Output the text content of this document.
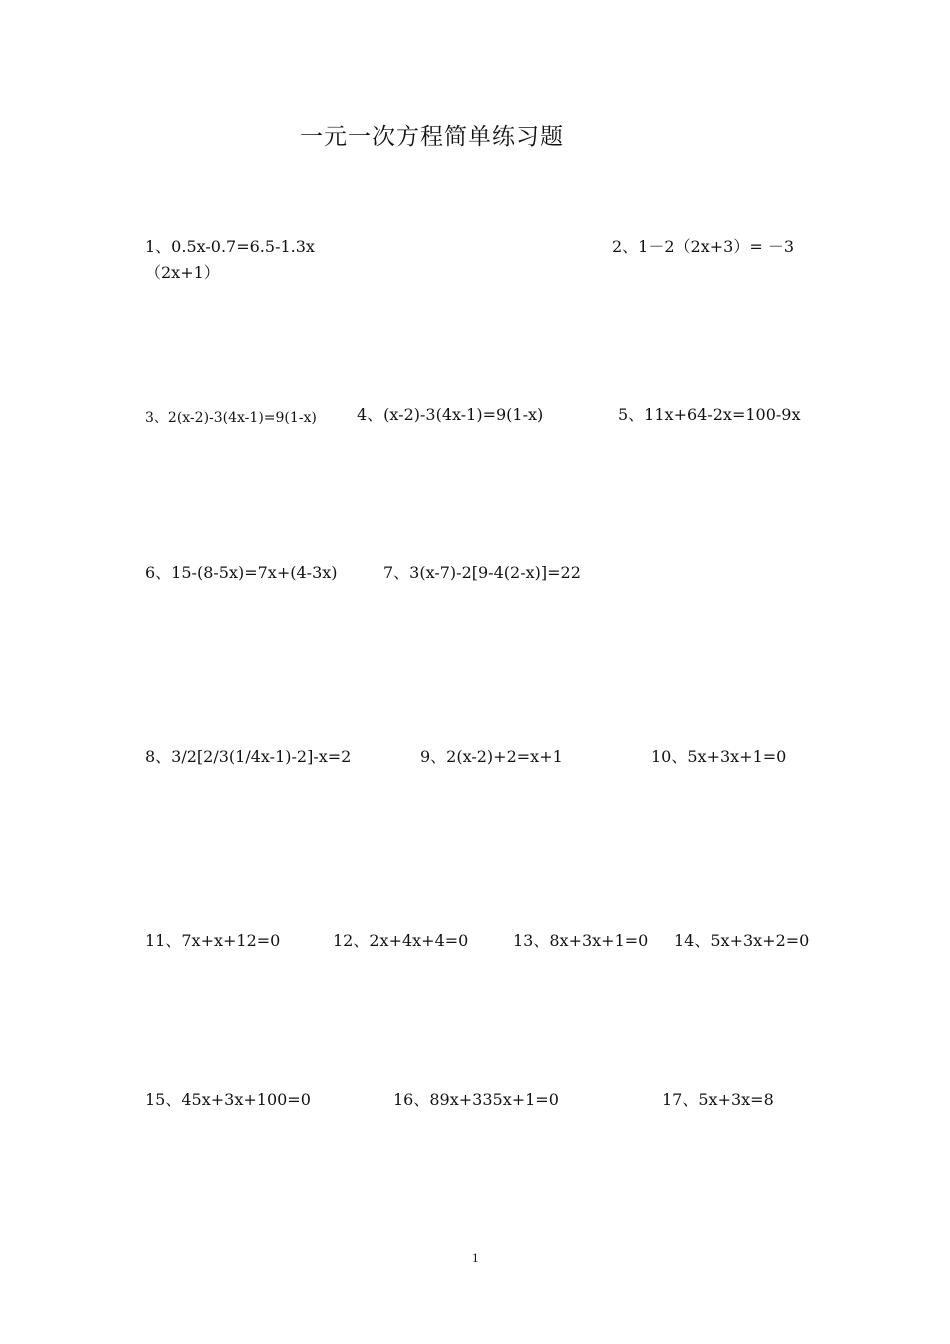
一元一次方程简单练习题
1、0.5x-0.7=6.5-1.3x
（2x+1）
2、1－2（2x+3）= －3
3、2(x-2)-3(4x-1)=9(1-x)	4、(x-2)-3(4x-1)=9(1-x)	5、11x+64-2x=100-9x
6、15-(8-5x)=7x+(4-3x)	7、3(x-7)-2[9-4(2-x)]=22
8、3/2[2/3(1/4x-1)-2]-x=2	9、2(x-2)+2=x+1	10、5x+3x+1=0
11、7x+x+12=0	12、2x+4x+4=0	13、8x+3x+1=0 14、5x+3x+2=0
15、45x+3x+100=0	16、89x+335x+1=0	17、5x+3x=8
1
